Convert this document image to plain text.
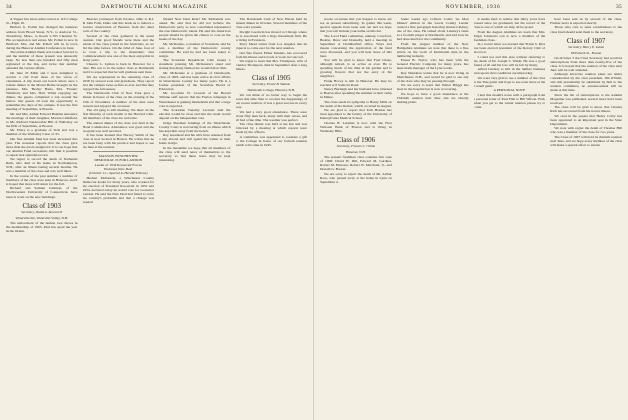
34	DARTMOUTH ALUMNI MAGAZINE

A Tapper has been rediscovered at 116 College St., Elgin, Ill.

Herbert G. Pollett has changed his business address from Broad Street, N.Y., to Andover St., Tewksbury, Mass., to Room 2-765 Chestnut St. His occupation is real estate. Mr. Pollett is now in Hartford. Mrs. and Mr. Pollett will be in town during the Hanover Alumni Conference in June.

The entire Alumni Week was looked forward to and the number of those present was unusually large. No less than one hundred and fifty men registered at the Inn, and twice that number attended the various affairs.

On June 25 Edith and I were delighted to receive a call from three of the wives of classmates. A trip down our beach where once a lobster dinner at the Mount Home brought us the pleasure. Mrs. 'Becky' Bates, Mrs. 'Flossie' Whitfield, and Mrs. Hall. While enjoying our dinner, the guests completed a trip around the harbor. Our guests all took the opportunity to remember the days of the campus. It was the first meeting of September, at Boston.

Mr. and Mrs. Arthur Edward Haskins announce the marriage of their daughter, Marion Littlefield, to Mr. Richard Vandervelde Hill of Wellesley on the fifth of September, at Boston.

Mr. Ellery is a graduate of Tech and was a member of the Wellesley Class of '25.

Our fine Alumni fund has been increased this year. The treasurer reports that the class gave more than the quota assigned it. It is our hope that our Alumni Fund secretaries will find it possible to repeat that splendid record.

We regret to record the death of Nathaniel Ruth, who died at his home in Northampton, N.H., after an illness lasting several months. He was a member of the class and was well liked.

In the course of the past summer a number of members of the class were seen in Hanover, and it is hoped that more will return for the fall.

Richard and Samuel Glennon, of the Northwestern University of Connecticut, have been at work on the new buildings.

Class of 1903
Secretary, David A. Ainsworth
Waterville Inn, Waterville Valley, N.H.

The endowment of the human race shows in the membership of 1903. Paul has spent the year in the Orient.

Beavers journeyed from Toronto, Ohio to R.I. & John Falls, Idaho and this leads us to believe a heavier observation of Beavers from the other parts of the country.

Several of the class gathered at the usual reunion. Our good friends were there and the whole of the class joined in the festivities, as we did the time before. On the 22nd of June, four of us took a trip to the mountains. Our Commencement was one of the most enjoyable in many years.

Cheever L. Lyman is back in Hanover for a time. His son is in the senior class at Dartmouth and it is expected that he will graduate next June.

We are represented in the returning class of 1938 by several sons and grandsons. They report that the campus looks as fine as ever and that they enjoyed the fall season.

The Dartmouth Club of New York gave a dinner in honor of the class on the evening of the 15th of November. A number of the men were present and enjoyed the occasion.

The old gang is still meeting. We meet on the first Monday of each month at the Harvard Club. All members of the class are welcome.

The annual dinner of the class was held at the Hotel Commodore. Attendance was good and the program was well received.

It has been learned that Harvey Smith of the class is now located in Boston. He writes that he has been busy with his practice and hopes to see the men at the reunion.

MAXSON WINCHESTER

DEMOCRAT, IS FOR LANDON

Leader of 1934 Roosevelt Forces

Endorses New Deal

(October 12—Special to Herald Tribune)

Herbert McKenzie, a Winchester County Democrat leader for many years, who worked for the election of President Roosevelt in 1932 and 1934, declared today he would vote for Governor Landon. He said the New Deal had failed to solve the country's problems and that a change was needed.

Should New Deal Rule? Mr. McKenzie was asked. He said that he did not believe the Democratic party as now constituted represented the true Democratic ideals. He said the American people should be given the chance to vote on the issues of the day.

Mr. McKenzie, a resident of Scarsdale, said he was a member of the Democratic county committee. He said he had not been asked to resign.

The Scarsdale Republican Club issued a statement praising Mr. McKenzie's stand and stating that many Democrats would follow him.

Mr. McKenzie is a graduate of Dartmouth, class of 1903, and has been active in civic affairs in Westchester County for many years. He is a former president of the Scarsdale Board of Education.

Mr. Goodwin W. Crowell of the Herald Tribune staff reports that the Fusion campaign in Westchester is gaining momentum and that a large vote is expected.

The Scarsdale Tuesday Lecturer said the election would be close and that the result would depend on the independent vote.

Judge Sherman Jennings of the Westchester County Court is recovering from an illness which has kept him away from the bench.

Ray Greenleaf and his wife have returned from a trip abroad and will spend the winter at their home in Rye.

In the meantime we hope that all members of the class will send news of themselves to the secretary so that these notes may be kept interesting.

The Dartmouth Club of New Haven held its annual dinner in October. Several members of the class were present.

Dwight Goodwin has moved to Chicago where he is associated with a large investment firm. He is living in Evanston.

Perry Mead writes from Los Angeles that he expects to come east for the next reunion.

Our fine friend, Elmer Daniels, has recovered from his illness and is back at work in Concord.

We regret to learn that Mrs. Thompson, wife of Charles Thompson, died in September after a long illness.

Class of 1905
Secretary, Ernest B. Watson
Dartmouth College, Hanover, N.H.

We can think of no better way to begin the notes this time than to recount the happenings of our recent reunion. It was a great success in every way.

We had a very good attendance. There were about fifty men back, many with their wives, and all had a fine time. The weather was perfect.

The class dinner was held at the Inn and was followed by a meeting at which reports were made by the officers.

A committee was appointed to consider a gift to the College in honor of our fortieth reunion which will come in 1945.

NOVEMBER, 1936	35

recent occasions that you happen to know are not as present subscribing. To gather this week, special appeals have been sent out and we hope that you will include your name on this list.

The Local Fund committee, namely, Crawford, Beattie, Drew and Donnelly, held a meeting in September at Chamberlin's office. Ways and means concerning the application of the fund were discussed, and you will hear more of this later.

You will be glad to know that Fred Chase, although retired, is as active as ever. He is spending much of his time in his garden and is growing flowers that are the envy of his neighbors.

Frank Hovey is still in Hanover. He may be reached at 6 Sanborn Road.

Nancy Burleigh and her husband have returned to Boston after spending the summer at their camp in Maine.

The class sends its sympathy to Henry Mills on the death of his mother, which occurred in August.

We are glad to report that Tom Hanlon has been appointed to the faculty of the University of Pennsylvania Medical School.

Charles B. Laramie is now with the First National Bank of Boston and is living in Wellesley Hills.

Class of 1906
Secretary, Francis L. Childs
Hanover, N.H.

The present freshman class contains five sons of 1906: David H. Dill, Edward M. Gardner, Robert M. Hanover, Robert W. Merchant, Jr., and Donald G. Barton.

We are sorry to report the death of Mr. Arthur Ross, who passed away at his home in Lynn on September 2.

Some weeks ago Colliers Cain's 'As Man Mineet' edition in the Lewis County Leader carried a fine paragraph honoring Ossian Lindsey, one of the class. He talked about Lindsey's fame as a football player at Dartmouth, and told how he had done much for the community.

From the August number of the New Hampshire Alumnus we note that there is a fine article on the work of Dartmouth men in the lumbering industry.

Ernest B. Taylor, who has been with the General Electric Company for many years, has been made manager of the Lynn works.

Ray Shanahan writes that he is now living in Manchester, N.H., and would be glad to see any of the class who may be passing through.

We are sorry to learn that Walter Briggs has been in the hospital but is now recovering.

We hope to have a good attendance at the Thirtieth reunion next June and are already making plans.

It seems hard to realize that thirty years have passed since we graduated, but the record of the class is one of which we may all be proud.

From the August Alumnus we learn that Mrs. Edgar Johnson's son is now a member of the freshman class.

In a recent letter we learned that Frank S. Rice has been elected president of the Rotary Club of his town.

I could not end this note without referring to the death of Dr. Joseph S. Walsh. He was a good friend of all and his loss will be felt by many.

Alfred Lindsay is still in the lumber business and reports that conditions are improving.

We were very glad to see a number of the class at the Yale game and hope to see even more at the Cornell game.

A PERSONAL NOTE

I had this month's notes with a paragraph from a personal letter of Paul Fish to Bill Wilson. Fish, when you get to the winter reunion please try to come.

have been sent in by several of the class. Further news is expected shortly.

Those who care to send contributions to the class fund should send them to the secretary.

Class of 1907
Secretary, Henry E. Lanza
98 Federal St., Boston

On October 3 the Class Secretary had received subscriptions from more than twenty-five of the class. It is hoped that the reunion of the class next June will be well attended.

Although attractive reunion plans are under consideration by the class president, Jim O'Neill, and will presumably be submitted by him to the reunion committee, no announcement will be made at this time.

Since the list of subscriptions to the Alumni Magazine was published, several more have been received.

The class will be glad to know that Charles Rich has recovered from his recent illness.

We read in the papers that Henry Colby has been appointed to an important post in the State Department.

We note with regret the death of Thomas Hill who was a member of the class for two years.

The Class of 1907 will hold its thirtieth reunion next June, and we hope every member of the class will make a special effort to attend.
